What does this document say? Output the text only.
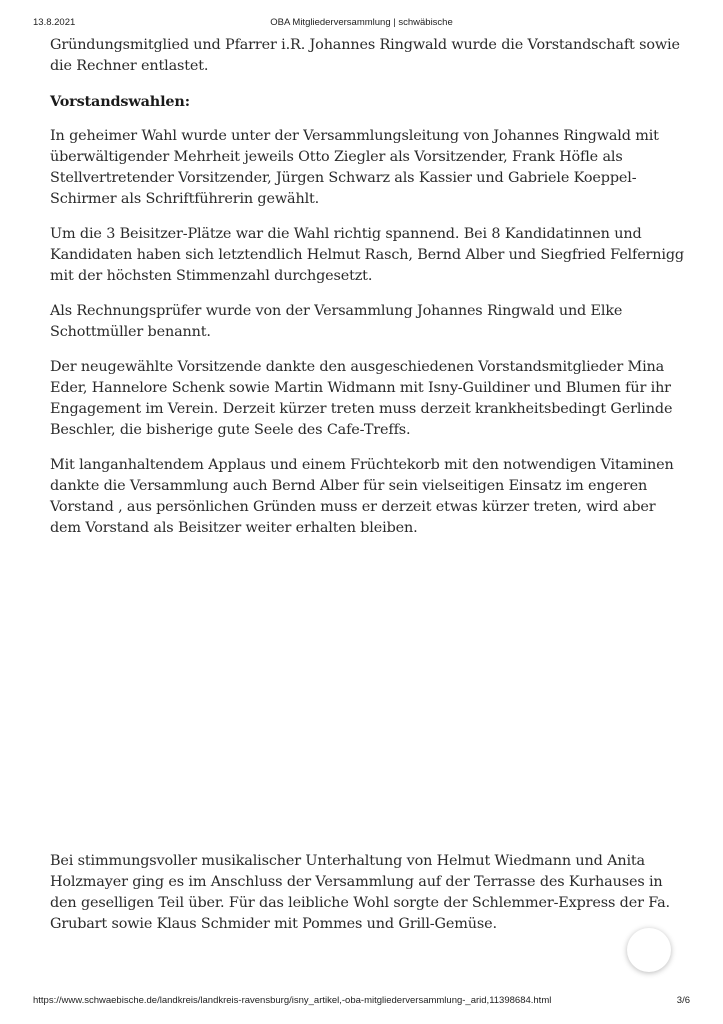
13.8.2021	OBA Mitgliederversammlung | schwäbische

Gründungsmitglied und Pfarrer i.R. Johannes Ringwald wurde die Vorstandschaft sowie die Rechner entlastet.

Vorstandswahlen:

In geheimer Wahl wurde unter der Versammlungsleitung von Johannes Ringwald mit überwältigender Mehrheit jeweils Otto Ziegler als Vorsitzender, Frank Höfle als Stellvertretender Vorsitzender, Jürgen Schwarz als Kassier und Gabriele Koeppel-Schirmer als Schriftführerin gewählt.

Um die 3 Beisitzer-Plätze war die Wahl richtig spannend. Bei 8 Kandidatinnen und Kandidaten haben sich letztendlich Helmut Rasch, Bernd Alber und Siegfried Felfernigg mit der höchsten Stimmenzahl durchgesetzt.

Als Rechnungsprüfer wurde von der Versammlung Johannes Ringwald und Elke Schottmüller benannt.

Der neugewählte Vorsitzende dankte den ausgeschiedenen Vorstandsmitglieder Mina Eder, Hannelore Schenk sowie Martin Widmann mit Isny-Guildiner und Blumen für ihr Engagement im Verein. Derzeit kürzer treten muss derzeit krankheitsbedingt Gerlinde Beschler, die bisherige gute Seele des Cafe-Treffs.

Mit langanhaltendem Applaus und einem Früchtekorb mit den notwendigen Vitaminen dankte die Versammlung auch Bernd Alber für sein vielseitigen Einsatz im engeren Vorstand , aus persönlichen Gründen muss er derzeit etwas kürzer treten, wird aber dem Vorstand als Beisitzer weiter erhalten bleiben.

Bei stimmungsvoller musikalischer Unterhaltung von Helmut Wiedmann und Anita Holzmayer ging es im Anschluss der Versammlung auf der Terrasse des Kurhauses in den geselligen Teil über. Für das leibliche Wohl sorgte der Schlemmer-Express der Fa. Grubart sowie Klaus Schmider mit Pommes und Grill-Gemüse.

https://www.schwaebische.de/landkreis/landkreis-ravensburg/isny_artikel,-oba-mitgliederversammlung-_arid,11398684.html	3/6
